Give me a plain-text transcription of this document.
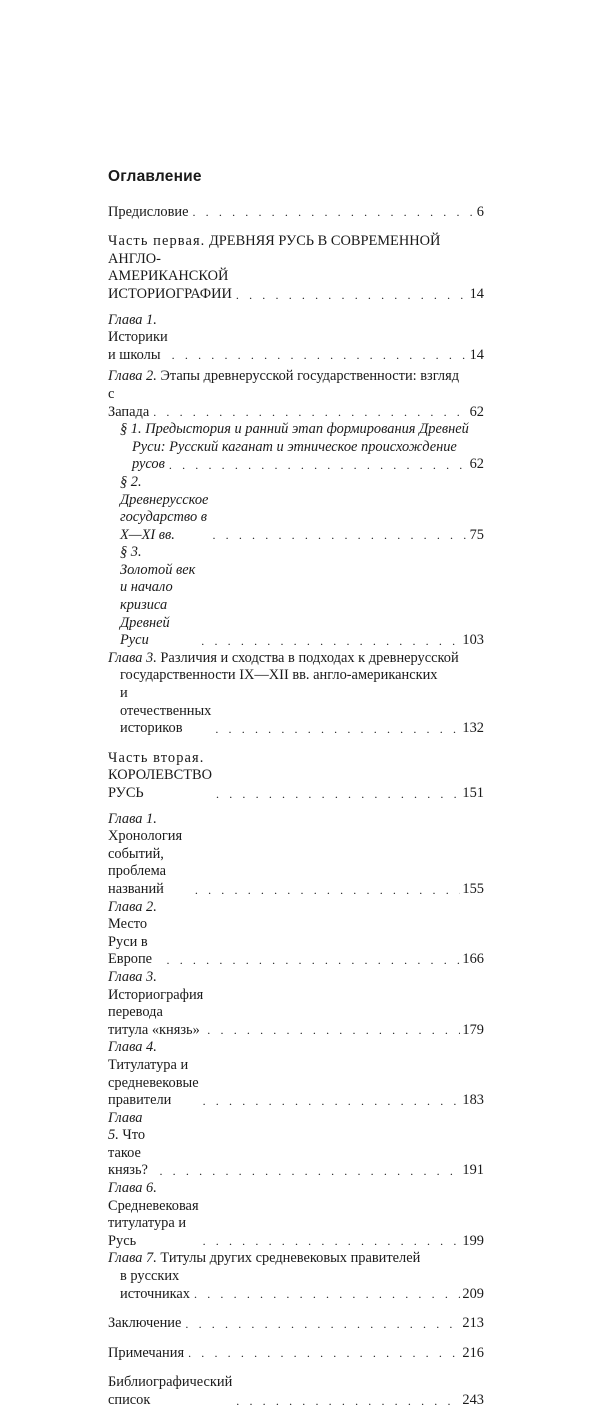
Оглавление
Предисловие . . .	6
Часть первая. ДРЕВНЯЯ РУСЬ В СОВРЕМЕННОЙ
АНГЛО-АМЕРИКАНСКОЙ ИСТОРИОГРАФИИ . . .	14
Глава 1. Историки и школы . . .	14
Глава 2. Этапы древнерусской государственности: взгляд
с Запада . . .	62
§ 1. Предыстория и ранний этап формирования Древней
Руси: Русский каганат и этническое происхождение
русов . . .	62
§ 2. Древнерусское государство в X—XI вв. . . .	75
§ 3. Золотой век и начало кризиса Древней Руси . . .	103
Глава 3. Различия и сходства в подходах к древнерусской
государственности IX—XII вв. англо-американских
и отечественных историков . . .	132
Часть вторая. КОРОЛЕВСТВО РУСЬ . . .	151
Глава 1. Хронология событий, проблема названий . . .	155
Глава 2. Место Руси в Европе . . .	166
Глава 3. Историография перевода титула «князь» . . .	179
Глава 4. Титулатура и средневековые правители . . .	183
Глава 5. Что такое князь? . . .	191
Глава 6. Средневековая титулатура и Русь . . .	199
Глава 7. Титулы других средневековых правителей
в русских источниках . . .	209
Заключение . . .	213
Примечания . . .	216
Библиографический список . . .	243
